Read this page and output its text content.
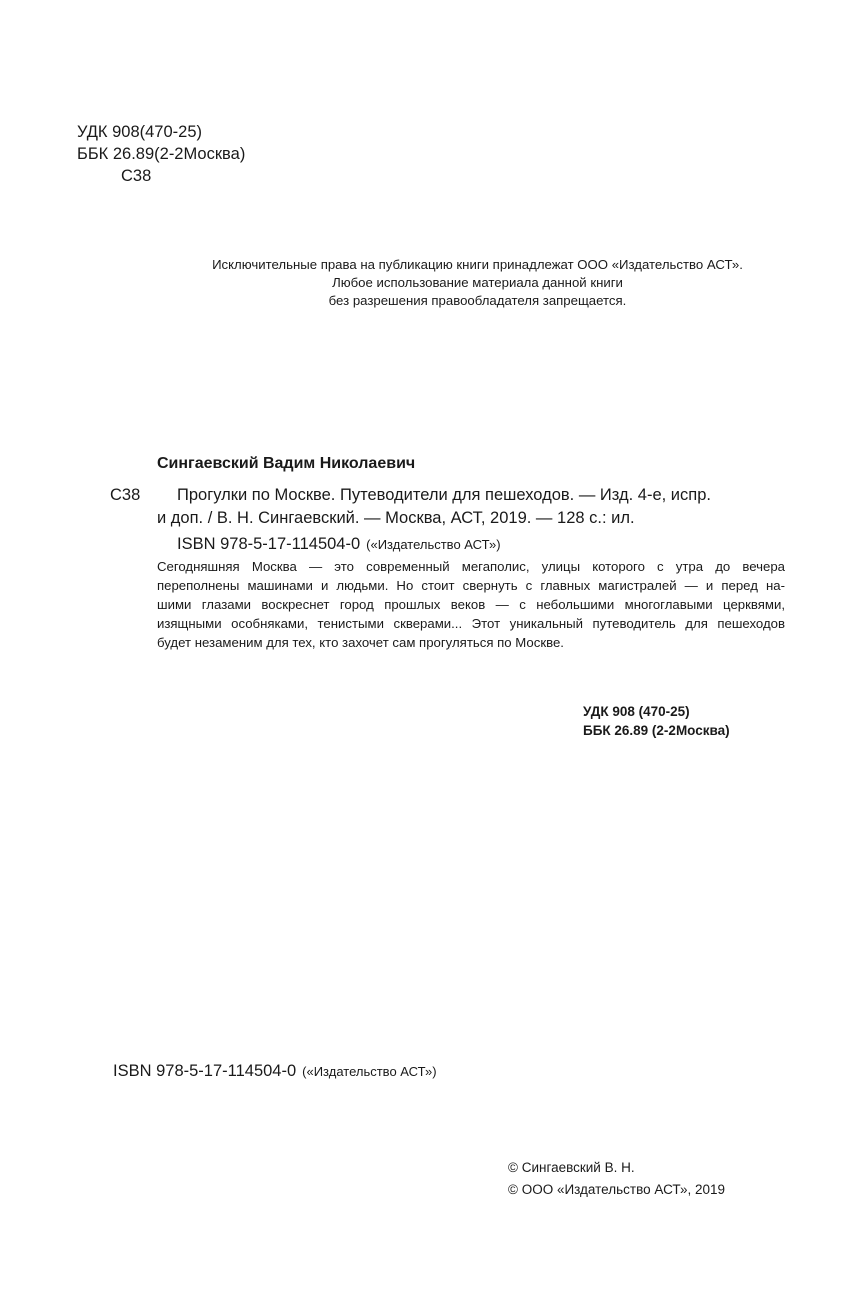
УДК 908(470-25)
ББК 26.89(2-2Москва)
С38
Исключительные права на публикацию книги принадлежат ООО «Издательство АСТ».
Любое использование материала данной книги
без разрешения правообладателя запрещается.
Сингаевский Вадим Николаевич
С38 Прогулки по Москве. Путеводители для пешеходов. — Изд. 4-е, испр.
и доп. / В. Н. Сингаевский. — Москва, АСТ, 2019. — 128 с.: ил.
ISBN 978-5-17-114504-0 («Издательство АСТ»)
Сегодняшняя Москва — это современный мегаполис, улицы которого с утра до вечера
переполнены машинами и людьми. Но стоит свернуть с главных магистралей — и перед на-
шими глазами воскреснет город прошлых веков — с небольшими многоглавыми церквями,
изящными особняками, тенистыми скверами... Этот уникальный путеводитель для пешеходов
будет незаменим для тех, кто захочет сам прогуляться по Москве.
УДК 908 (470-25)
ББК 26.89 (2-2Москва)
ISBN 978-5-17-114504-0 («Издательство АСТ»)
© Сингаевский В. Н.
© ООО «Издательство АСТ», 2019
